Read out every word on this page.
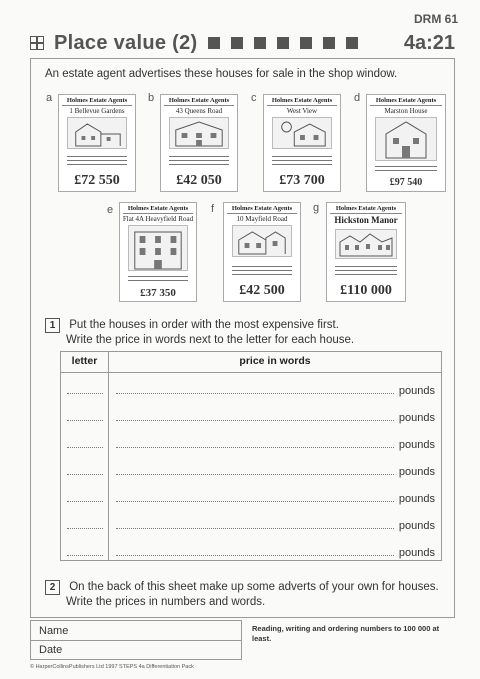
DRM 61
Place value (2)	4a:21
An estate agent advertises these houses for sale in the shop window.
a	Holmes Estate Agents
1 Bellevue Gardens
£72 550
b	Holmes Estate Agents
43 Queens Road
£42 050
c	Holmes Estate Agents
West View
£73 700
d	Holmes Estate Agents
Marston House
£97 540
e	Holmes Estate Agents
Flat 4A Heavyfield Road
£37 350
f	Holmes Estate Agents
10 Mayfield Road
£42 500
g	Holmes Estate Agents
Hickston Manor
£110 000
1 Put the houses in order with the most expensive first.
Write the price in words next to the letter for each house.
letter	price in words
pounds
pounds
pounds
pounds
pounds
pounds
pounds
2 On the back of this sheet make up some adverts of your own for houses.
Write the prices in numbers and words.
Name
Date
Reading, writing and ordering numbers to 100 000 at least.
© HarperCollinsPublishers Ltd 1997 STEPS 4a Differentiation Pack
